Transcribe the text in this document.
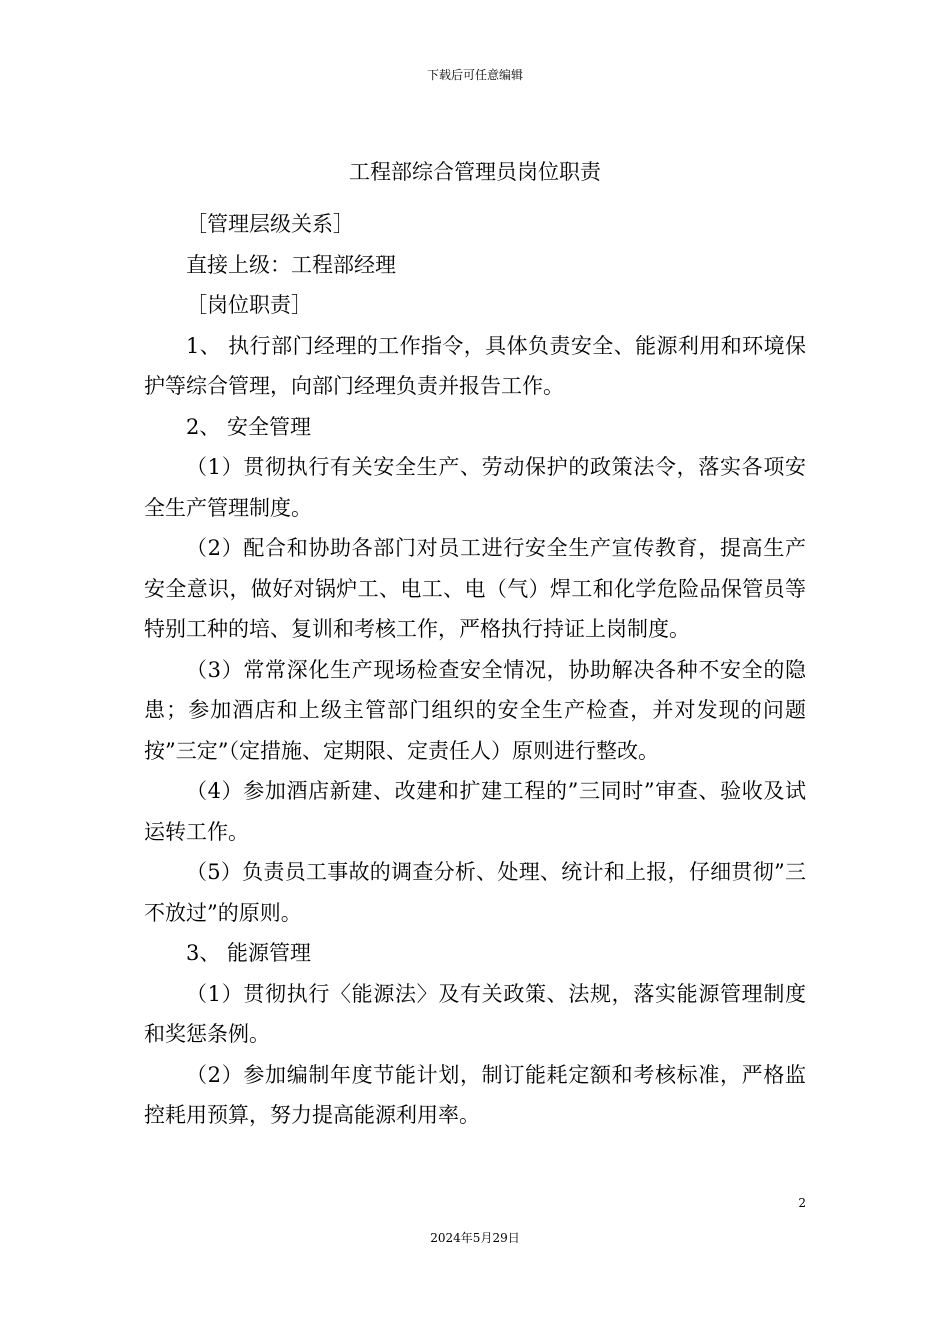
下载后可任意编辑
工程部综合管理员岗位职责

［管理层级关系］

直接上级：工程部经理

［岗位职责］

1、 执行部门经理的工作指令，具体负责安全、能源利用和环境保护等综合管理，向部门经理负责并报告工作。

2、 安全管理

（1）贯彻执行有关安全生产、劳动保护的政策法令，落实各项安全生产管理制度。

（2）配合和协助各部门对员工进行安全生产宣传教育，提高生产安全意识，做好对锅炉工、电工、电（气）焊工和化学危险品保管员等特别工种的培、复训和考核工作，严格执行持证上岗制度。

（3）常常深化生产现场检查安全情况，协助解决各种不安全的隐患；参加酒店和上级主管部门组织的安全生产检查，并对发现的问题按”三定”（定措施、定期限、定责任人）原则进行整改。

（4）参加酒店新建、改建和扩建工程的”三同时”审查、验收及试运转工作。

（5）负责员工事故的调查分析、处理、统计和上报，仔细贯彻”三不放过”的原则。

3、 能源管理

（1）贯彻执行〈能源法〉及有关政策、法规，落实能源管理制度和奖惩条例。

（2）参加编制年度节能计划，制订能耗定额和考核标准，严格监控耗用预算，努力提高能源利用率。

2
2024年5月29日
